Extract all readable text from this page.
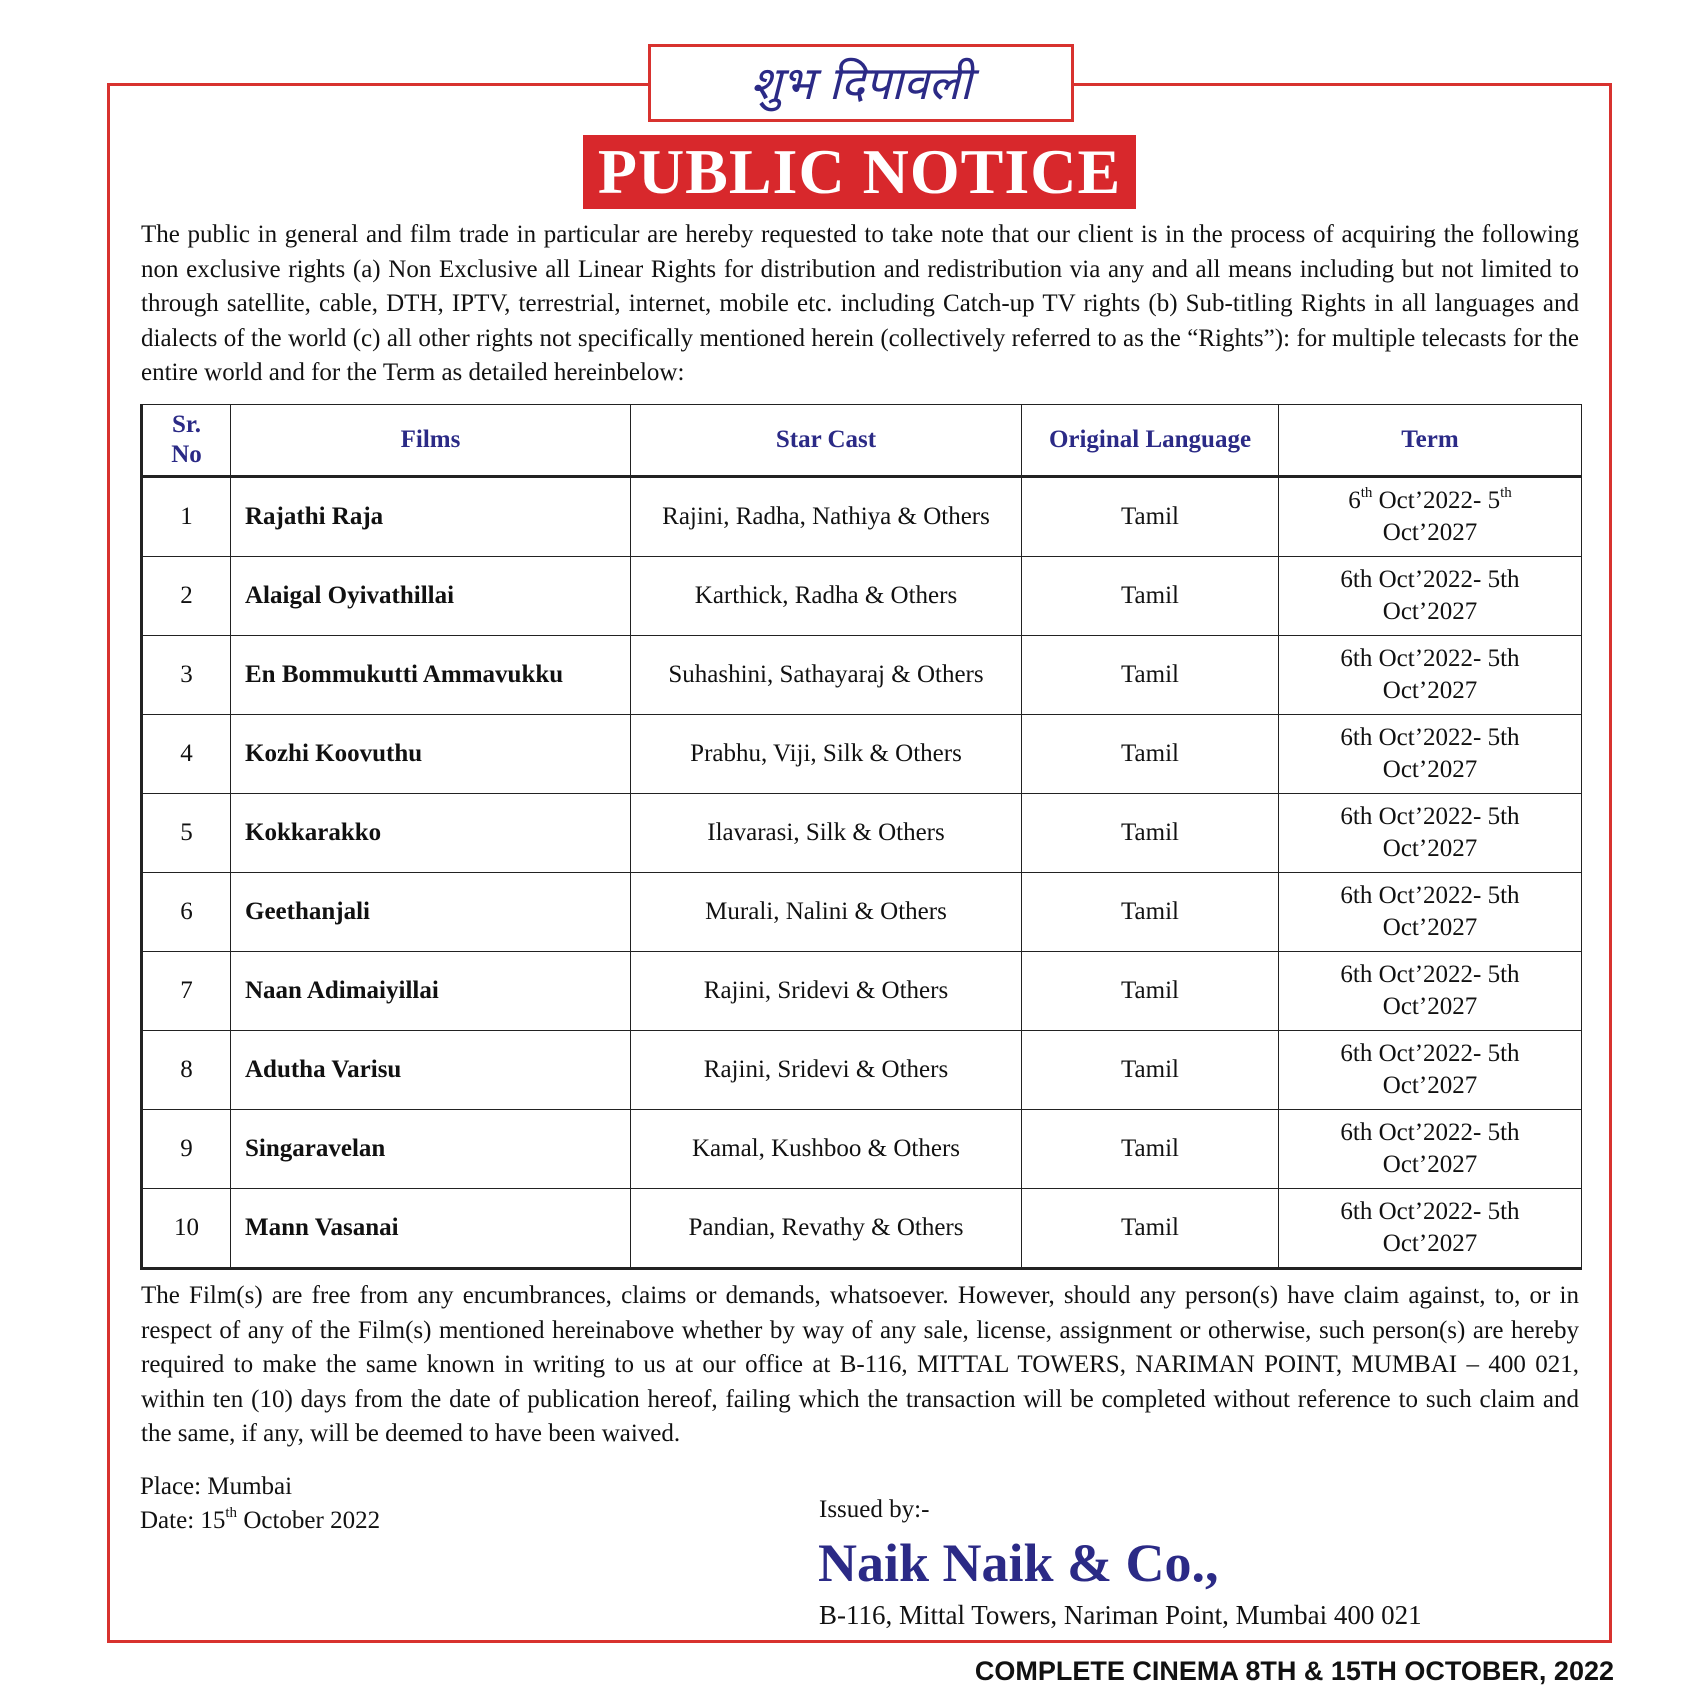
शुभ दिपावली
PUBLIC NOTICE

The public in general and film trade in particular are hereby requested to take note that our client is in the process of acquiring the following non exclusive rights (a) Non Exclusive all Linear Rights for distribution and redistribution via any and all means including but not limited to through satellite, cable, DTH, IPTV, terrestrial, internet, mobile etc. including Catch-up TV rights (b) Sub-titling Rights in all languages and dialects of the world (c) all other rights not specifically mentioned herein (collectively referred to as the “Rights”): for multiple telecasts for the entire world and for the Term as detailed hereinbelow:

Sr.
No	Films	Star Cast	Original Language	Term
1	Rajathi Raja	Rajini, Radha, Nathiya & Others	Tamil	6th Oct’2022- 5th
Oct’2027
2	Alaigal Oyivathillai	Karthick, Radha & Others	Tamil	6th Oct’2022- 5th
Oct’2027
3	En Bommukutti Ammavukku	Suhashini, Sathayaraj & Others	Tamil	6th Oct’2022- 5th
Oct’2027
4	Kozhi Koovuthu	Prabhu, Viji, Silk & Others	Tamil	6th Oct’2022- 5th
Oct’2027
5	Kokkarakko	Ilavarasi, Silk & Others	Tamil	6th Oct’2022- 5th
Oct’2027
6	Geethanjali	Murali, Nalini & Others	Tamil	6th Oct’2022- 5th
Oct’2027
7	Naan Adimaiyillai	Rajini, Sridevi & Others	Tamil	6th Oct’2022- 5th
Oct’2027
8	Adutha Varisu	Rajini, Sridevi & Others	Tamil	6th Oct’2022- 5th
Oct’2027
9	Singaravelan	Kamal, Kushboo & Others	Tamil	6th Oct’2022- 5th
Oct’2027
10	Mann Vasanai	Pandian, Revathy & Others	Tamil	6th Oct’2022- 5th
Oct’2027

The Film(s) are free from any encumbrances, claims or demands, whatsoever. However, should any person(s) have claim against, to, or in respect of any of the Film(s) mentioned hereinabove whether by way of any sale, license, assignment or otherwise, such person(s) are hereby required to make the same known in writing to us at our office at B-116, MITTAL TOWERS, NARIMAN POINT, MUMBAI – 400 021, within ten (10) days from the date of publication hereof, failing which the transaction will be completed without reference to such claim and the same, if any, will be deemed to have been waived.

Place: Mumbai
Date: 15th October 2022	Issued by:-
Naik Naik & Co.,
B-116, Mittal Towers, Nariman Point, Mumbai 400 021
COMPLETE CINEMA 8TH & 15TH OCTOBER, 2022
